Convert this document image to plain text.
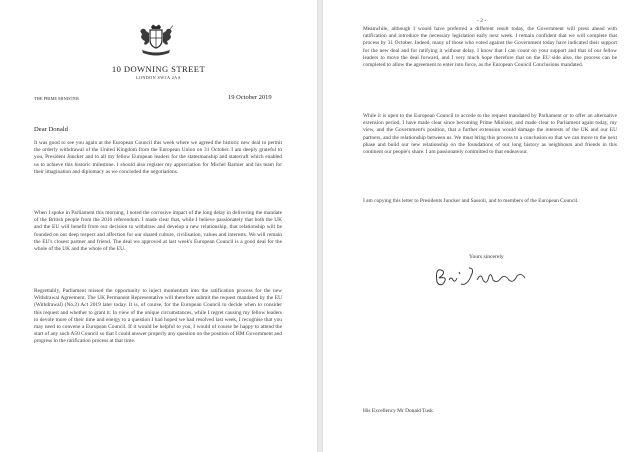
10 DOWNING STREET
LONDON SW1A 2AA
THE PRIME MINISTER	19 October 2019
Dear Donald

It was good to see you again at the European Council this week where we agreed the historic new deal to permit the orderly withdrawal of the United Kingdom from the European Union on 31 October. I am deeply grateful to you, President Juncker and to all my fellow European leaders for the statesmanship and statecraft which enabled us to achieve this historic milestone. I should also register my appreciation for Michel Barnier and his team for their imagination and diplomacy as we concluded the negotiations.

When I spoke in Parliament this morning, I noted the corrosive impact of the long delay in delivering the mandate of the British people from the 2016 referendum. I made clear that, while I believe passionately that both the UK and the EU will benefit from our decision to withdraw and develop a new relationship, that relationship will be founded on our deep respect and affection for our shared culture, civilisation, values and interests. We will remain the EU's closest partner and friend. The deal we approved at last week's European Council is a good deal for the whole of the UK and the whole of the EU.

Regrettably, Parliament missed the opportunity to inject momentum into the ratification process for the new Withdrawal Agreement. The UK Permanent Representative will therefore submit the request mandated by the EU (Withdrawal) (No.2) Act 2019 later today. It is, of course, for the European Council to decide when to consider this request and whether to grant it. In view of the unique circumstances, while I regret causing my fellow leaders to devote more of their time and energy to a question I had hoped we had resolved last week, I recognise that you may need to convene a European Council. If it would be helpful to you, I would of course be happy to attend the start of any such A50 Council so that I could answer properly any question on the position of HM Government and progress in the ratification process at that time.

- 2 -

Meanwhile, although I would have preferred a different result today, the Government will press ahead with ratification and introduce the necessary legislation early next week. I remain confident that we will complete that process by 31 October. Indeed, many of those who voted against the Government today have indicated their support for the new deal and for ratifying it without delay. I know that I can count on your support and that of our fellow leaders to move the deal forward, and I very much hope therefore that on the EU side also, the process can be completed to allow the agreement to enter into force, as the European Council Conclusions mandated.

While it is open to the European Council to accede to the request mandated by Parliament or to offer an alternative extension period, I have made clear since becoming Prime Minister, and made clear to Parliament again today, my view, and the Government's position, that a further extension would damage the interests of the UK and our EU partners, and the relationship between us. We must bring this process to a conclusion so that we can move to the next phase and build our new relationship on the foundations of our long history as neighbours and friends in this continent our people's share. I am passionately committed to that endeavour.

I am copying this letter to Presidents Juncker and Sassoli, and to members of the European Council.

Yours sincerely
His Excellency Mr Donald Tusk
